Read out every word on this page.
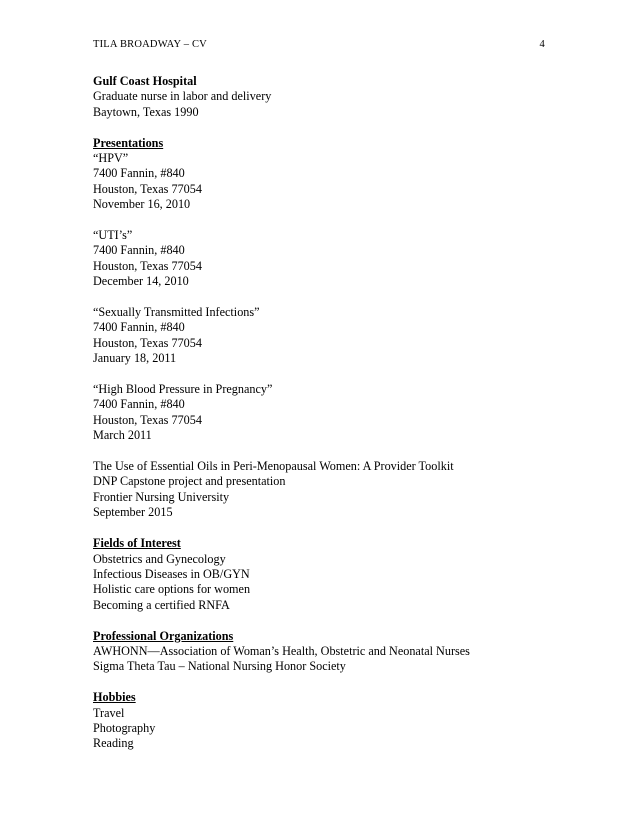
TILA BROADWAY – CV	4

Gulf Coast Hospital

Graduate nurse in labor and delivery

Baytown, Texas 1990

Presentations

“HPV”

7400 Fannin, #840

Houston, Texas 77054

November 16, 2010

“UTI’s”

7400 Fannin, #840

Houston, Texas 77054

December 14, 2010

“Sexually Transmitted Infections”

7400 Fannin, #840

Houston, Texas 77054

January 18, 2011

“High Blood Pressure in Pregnancy”

7400 Fannin, #840

Houston, Texas 77054

March 2011

The Use of Essential Oils in Peri-Menopausal Women: A Provider Toolkit

DNP Capstone project and presentation

Frontier Nursing University

September 2015

Fields of Interest

Obstetrics and Gynecology

Infectious Diseases in OB/GYN

Holistic care options for women

Becoming a certified RNFA

Professional Organizations

AWHONN—Association of Woman’s Health, Obstetric and Neonatal Nurses

Sigma Theta Tau – National Nursing Honor Society

Hobbies

Travel

Photography

Reading
